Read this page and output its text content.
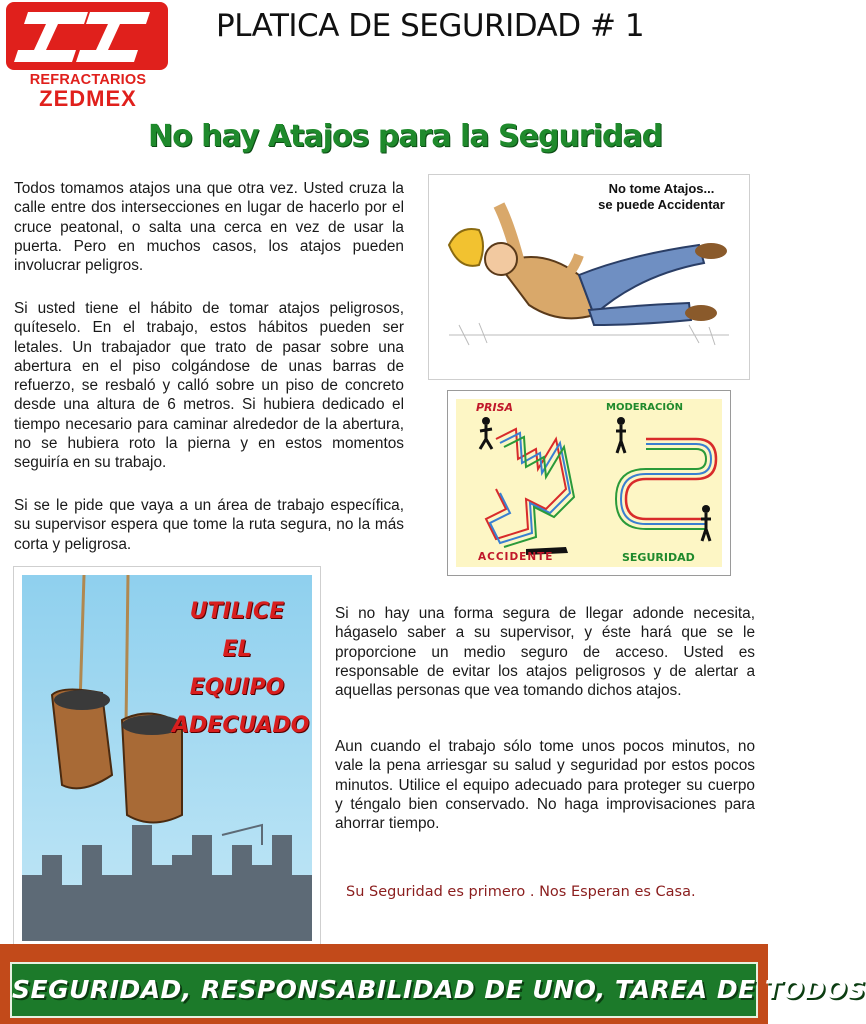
REFRACTARIOS
ZEDMEX
PLATICA DE SEGURIDAD # 1
No hay Atajos para la Seguridad

Todos tomamos atajos una que otra vez. Usted cruza la calle entre dos intersecciones en lugar de hacerlo por el cruce peatonal, o salta una cerca en vez de usar la puerta. Pero en muchos casos, los atajos pueden involucrar peligros.

Si usted tiene el hábito de tomar atajos peligrosos, quíteselo. En el trabajo, estos hábitos pueden ser letales. Un trabajador que trato de pasar sobre una abertura en el piso colgándose de unas barras de refuerzo, se resbaló y calló sobre un piso de concreto desde una altura de 6 metros. Si hubiera dedicado el tiempo necesario para caminar alrededor de la abertura, no se hubiera roto la pierna y en estos momentos seguiría en su trabajo.

Si se le pide que vaya a un área de trabajo específica, su supervisor espera que tome la ruta segura, no la más corta y peligrosa.

No tome Atajos...
se puede Accidentar
PRISA	MODERACIÓN
ACCIDENTE	SEGURIDAD
UTILICE
EL EQUIPO
ADECUADO

Si no hay una forma segura de llegar adonde necesita, hágaselo saber a su supervisor, y éste hará que se le proporcione un medio seguro de acceso. Usted es responsable de evitar los atajos peligrosos y de alertar a aquellas personas que vea tomando dichos atajos.

Aun cuando el trabajo sólo tome unos pocos minutos, no vale la pena arriesgar su salud y seguridad por estos pocos minutos. Utilice el equipo adecuado para proteger su cuerpo y téngalo bien conservado. No haga improvisaciones para ahorrar tiempo.

Su Seguridad es primero . Nos Esperan es Casa.
SEGURIDAD, RESPONSABILIDAD DE UNO, TAREA DE TODOS
